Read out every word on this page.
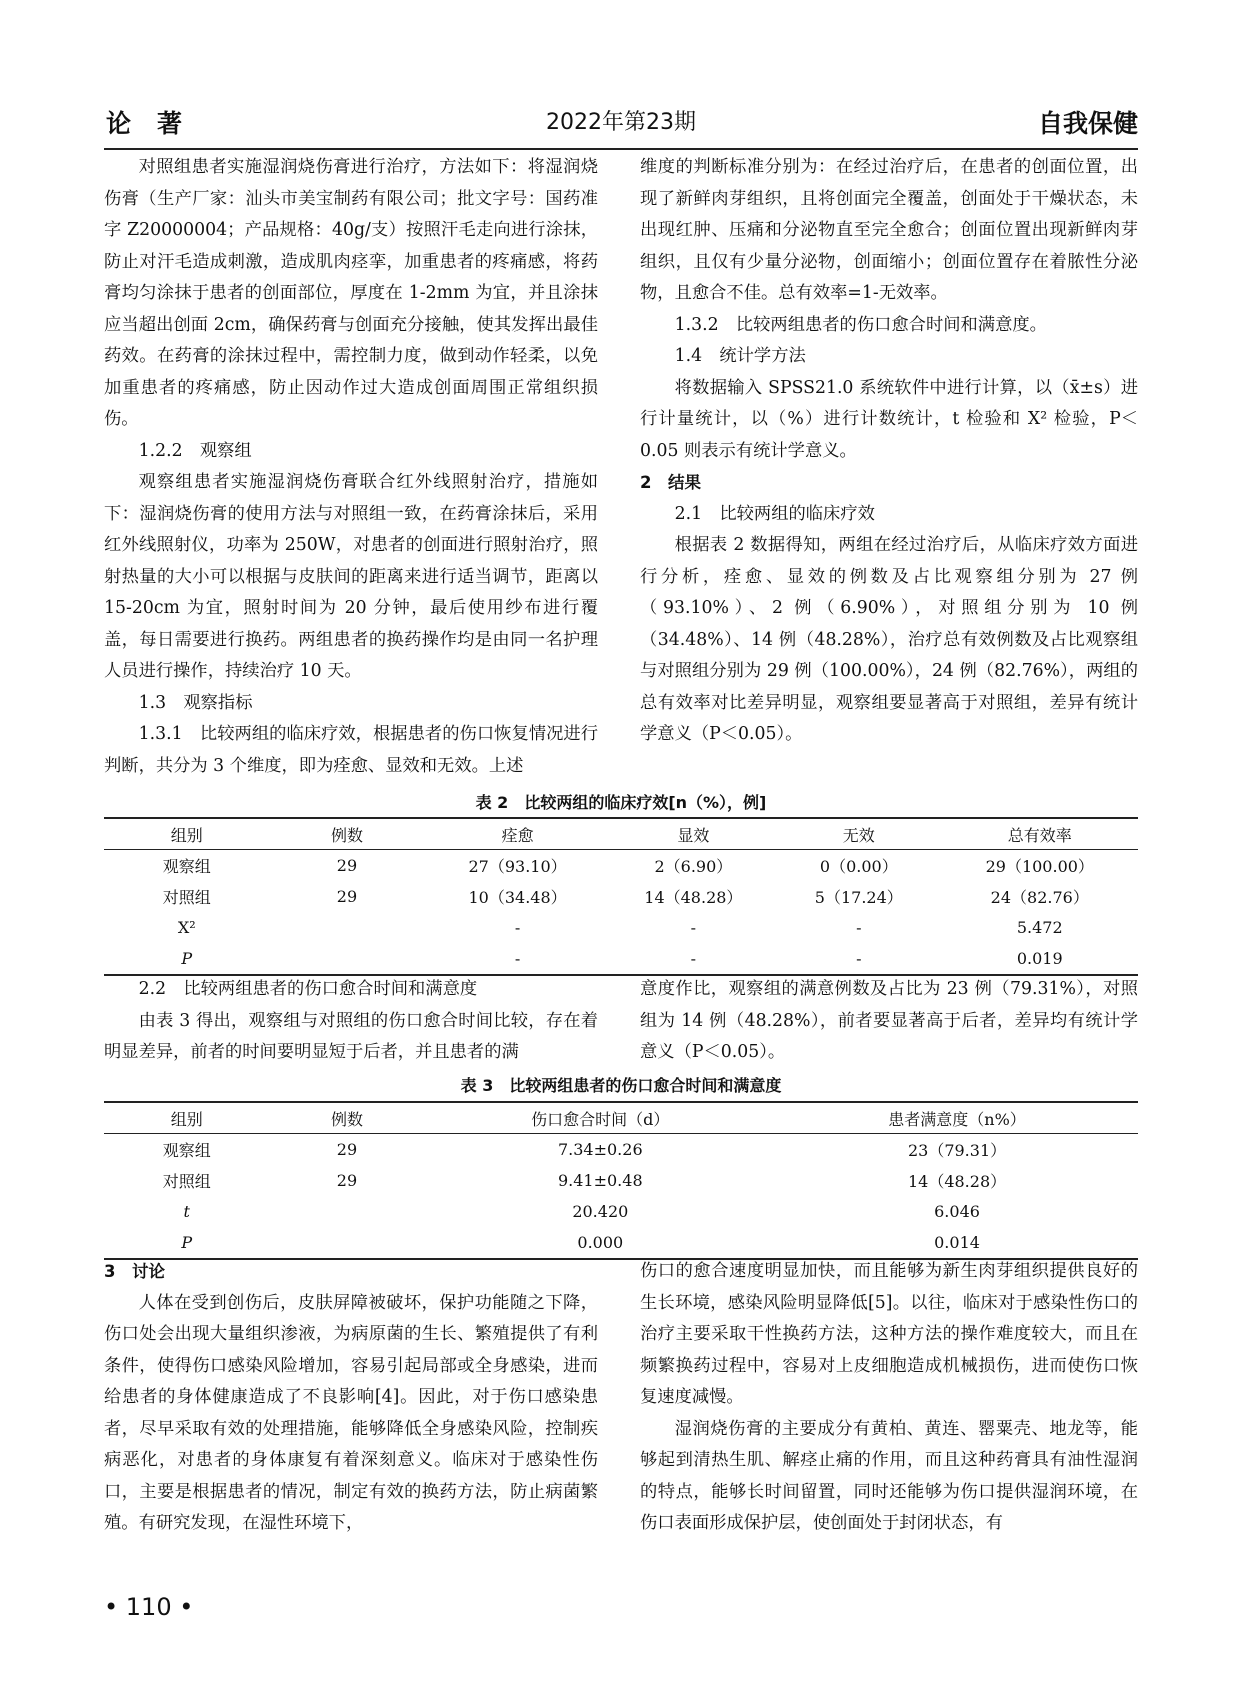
论著	2022年第23期	自我保健

对照组患者实施湿润烧伤膏进行治疗，方法如下：将湿润烧伤膏（生产厂家：汕头市美宝制药有限公司；批文字号：国药准字 Z20000004；产品规格：40g/支）按照汗毛走向进行涂抹，防止对汗毛造成刺激，造成肌肉痉挛，加重患者的疼痛感，将药膏均匀涂抹于患者的创面部位，厚度在 1-2mm 为宜，并且涂抹应当超出创面 2cm，确保药膏与创面充分接触，使其发挥出最佳药效。在药膏的涂抹过程中，需控制力度，做到动作轻柔，以免加重患者的疼痛感，防止因动作过大造成创面周围正常组织损伤。

1.2.2　观察组

观察组患者实施湿润烧伤膏联合红外线照射治疗，措施如下：湿润烧伤膏的使用方法与对照组一致，在药膏涂抹后，采用红外线照射仪，功率为 250W，对患者的创面进行照射治疗，照射热量的大小可以根据与皮肤间的距离来进行适当调节，距离以 15-20cm 为宜，照射时间为 20 分钟，最后使用纱布进行覆盖，每日需要进行换药。两组患者的换药操作均是由同一名护理人员进行操作，持续治疗 10 天。

1.3　观察指标

1.3.1　比较两组的临床疗效，根据患者的伤口恢复情况进行判断，共分为 3 个维度，即为痊愈、显效和无效。上述

维度的判断标准分别为：在经过治疗后，在患者的创面位置，出现了新鲜肉芽组织，且将创面完全覆盖，创面处于干燥状态，未出现红肿、压痛和分泌物直至完全愈合；创面位置出现新鲜肉芽组织，且仅有少量分泌物，创面缩小；创面位置存在着脓性分泌物，且愈合不佳。总有效率=1-无效率。

1.3.2　比较两组患者的伤口愈合时间和满意度。

1.4　统计学方法

将数据输入 SPSS21.0 系统软件中进行计算，以（x̄±s）进行计量统计，以（%）进行计数统计，t 检验和 X² 检验，P＜0.05 则表示有统计学意义。

2　结果

2.1　比较两组的临床疗效

根据表 2 数据得知，两组在经过治疗后，从临床疗效方面进行分析，痊愈、显效的例数及占比观察组分别为 27 例（93.10%）、2 例（6.90%），对照组分别为 10 例（34.48%）、14 例（48.28%），治疗总有效例数及占比观察组与对照组分别为 29 例（100.00%），24 例（82.76%），两组的总有效率对比差异明显，观察组要显著高于对照组，差异有统计学意义（P＜0.05）。

表 2　比较两组的临床疗效[n（%），例]
组别	例数	痊愈	显效	无效	总有效率
观察组	29	27（93.10）	2（6.90）	0（0.00）	29（100.00）
对照组	29	10（34.48）	14（48.28）	5（17.24）	24（82.76）
X²		-	-	-	5.472
P		-	-	-	0.019

2.2　比较两组患者的伤口愈合时间和满意度

由表 3 得出，观察组与对照组的伤口愈合时间比较，存在着明显差异，前者的时间要明显短于后者，并且患者的满

意度作比，观察组的满意例数及占比为 23 例（79.31%），对照组为 14 例（48.28%），前者要显著高于后者，差异均有统计学意义（P＜0.05）。

表 3　比较两组患者的伤口愈合时间和满意度
组别	例数	伤口愈合时间（d）	患者满意度（n%）
观察组	29	7.34±0.26	23（79.31）
对照组	29	9.41±0.48	14（48.28）
t		20.420	6.046
P		0.000	0.014

3　讨论

人体在受到创伤后，皮肤屏障被破坏，保护功能随之下降，伤口处会出现大量组织渗液，为病原菌的生长、繁殖提供了有利条件，使得伤口感染风险增加，容易引起局部或全身感染，进而给患者的身体健康造成了不良影响[4]。因此，对于伤口感染患者，尽早采取有效的处理措施，能够降低全身感染风险，控制疾病恶化，对患者的身体康复有着深刻意义。临床对于感染性伤口，主要是根据患者的情况，制定有效的换药方法，防止病菌繁殖。有研究发现，在湿性环境下，

伤口的愈合速度明显加快，而且能够为新生肉芽组织提供良好的生长环境，感染风险明显降低[5]。以往，临床对于感染性伤口的治疗主要采取干性换药方法，这种方法的操作难度较大，而且在频繁换药过程中，容易对上皮细胞造成机械损伤，进而使伤口恢复速度减慢。

湿润烧伤膏的主要成分有黄柏、黄连、罂粟壳、地龙等，能够起到清热生肌、解痉止痛的作用，而且这种药膏具有油性湿润的特点，能够长时间留置，同时还能够为伤口提供湿润环境，在伤口表面形成保护层，使创面处于封闭状态，有

• 110 •
